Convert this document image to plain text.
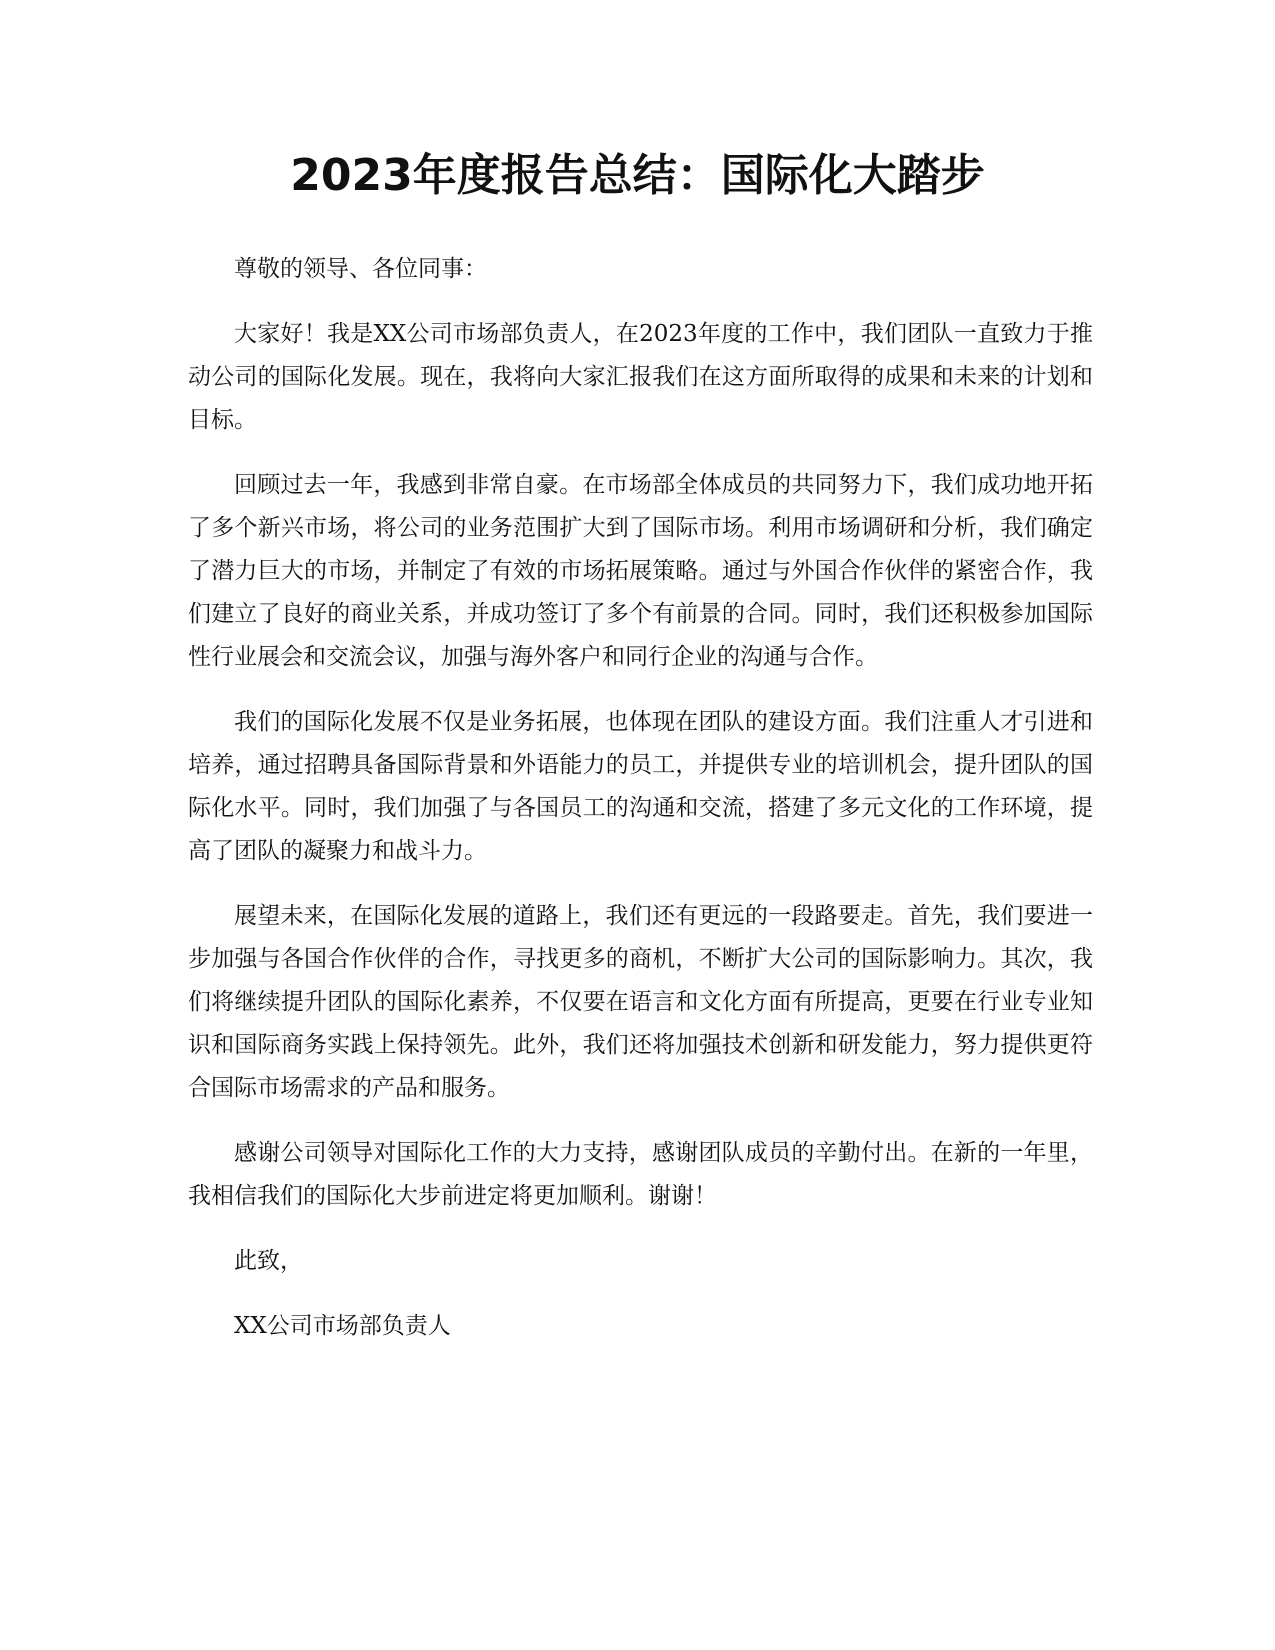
2023年度报告总结：国际化大踏步

尊敬的领导、各位同事：

大家好！我是XX公司市场部负责人，在2023年度的工作中，我们团队一直致力于推动公司的国际化发展。现在，我将向大家汇报我们在这方面所取得的成果和未来的计划和目标。

回顾过去一年，我感到非常自豪。在市场部全体成员的共同努力下，我们成功地开拓了多个新兴市场，将公司的业务范围扩大到了国际市场。利用市场调研和分析，我们确定了潜力巨大的市场，并制定了有效的市场拓展策略。通过与外国合作伙伴的紧密合作，我们建立了良好的商业关系，并成功签订了多个有前景的合同。同时，我们还积极参加国际性行业展会和交流会议，加强与海外客户和同行企业的沟通与合作。

我们的国际化发展不仅是业务拓展，也体现在团队的建设方面。我们注重人才引进和培养，通过招聘具备国际背景和外语能力的员工，并提供专业的培训机会，提升团队的国际化水平。同时，我们加强了与各国员工的沟通和交流，搭建了多元文化的工作环境，提高了团队的凝聚力和战斗力。

展望未来，在国际化发展的道路上，我们还有更远的一段路要走。首先，我们要进一步加强与各国合作伙伴的合作，寻找更多的商机，不断扩大公司的国际影响力。其次，我们将继续提升团队的国际化素养，不仅要在语言和文化方面有所提高，更要在行业专业知识和国际商务实践上保持领先。此外，我们还将加强技术创新和研发能力，努力提供更符合国际市场需求的产品和服务。

感谢公司领导对国际化工作的大力支持，感谢团队成员的辛勤付出。在新的一年里，我相信我们的国际化大步前进定将更加顺利。谢谢！

此致，

XX公司市场部负责人
